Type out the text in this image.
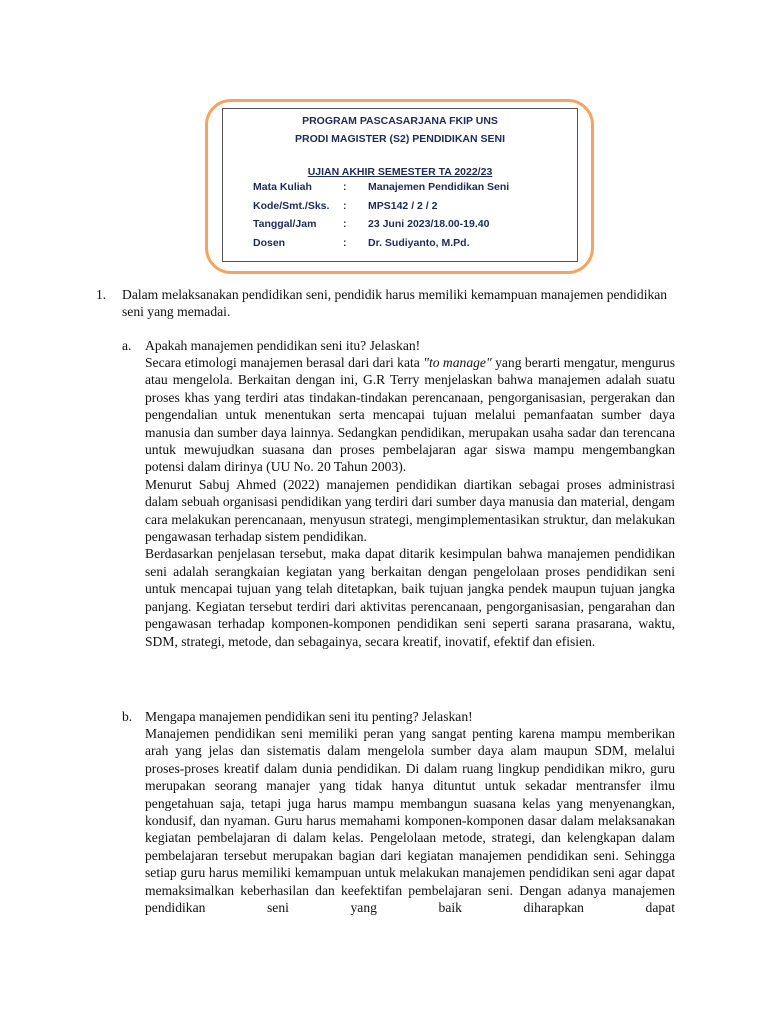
PROGRAM PASCASARJANA FKIP UNS
PRODI MAGISTER (S2) PENDIDIKAN SENI
UJIAN AKHIR SEMESTER TA 2022/23
Mata Kuliah	: Manajemen Pendidikan Seni
Kode/Smt./Sks. : MPS142 / 2 / 2
Tanggal/Jam	: 23 Juni 2023/18.00-19.40
Dosen	: Dr. Sudiyanto, M.Pd.
1. Dalam melaksanakan pendidikan seni, pendidik harus memiliki kemampuan manajemen pendidikan seni yang memadai.
a. Apakah manajemen pendidikan seni itu? Jelaskan!

Secara etimologi manajemen berasal dari dari kata "to manage" yang berarti mengatur, mengurus atau mengelola. Berkaitan dengan ini, G.R Terry menjelaskan bahwa manajemen adalah suatu proses khas yang terdiri atas tindakan-tindakan perencanaan, pengorganisasian, pergerakan dan pengendalian untuk menentukan serta mencapai tujuan melalui pemanfaatan sumber daya manusia dan sumber daya lainnya. Sedangkan pendidikan, merupakan usaha sadar dan terencana untuk mewujudkan suasana dan proses pembelajaran agar siswa mampu mengembangkan potensi dalam dirinya (UU No. 20 Tahun 2003).

Menurut Sabuj Ahmed (2022) manajemen pendidikan diartikan sebagai proses administrasi dalam sebuah organisasi pendidikan yang terdiri dari sumber daya manusia dan material, dengam cara melakukan perencanaan, menyusun strategi, mengimplementasikan struktur, dan melakukan pengawasan terhadap sistem pendidikan.

Berdasarkan penjelasan tersebut, maka dapat ditarik kesimpulan bahwa manajemen pendidikan seni adalah serangkaian kegiatan yang berkaitan dengan pengelolaan proses pendidikan seni untuk mencapai tujuan yang telah ditetapkan, baik tujuan jangka pendek maupun tujuan jangka panjang. Kegiatan tersebut terdiri dari aktivitas perencanaan, pengorganisasian, pengarahan dan pengawasan terhadap komponen-komponen pendidikan seni seperti sarana prasarana, waktu, SDM, strategi, metode, dan sebagainya, secara kreatif, inovatif, efektif dan efisien.

b. Mengapa manajemen pendidikan seni itu penting? Jelaskan!

Manajemen pendidikan seni memiliki peran yang sangat penting karena mampu memberikan arah yang jelas dan sistematis dalam mengelola sumber daya alam maupun SDM, melalui proses-proses kreatif dalam dunia pendidikan. Di dalam ruang lingkup pendidikan mikro, guru merupakan seorang manajer yang tidak hanya dituntut untuk sekadar mentransfer ilmu pengetahuan saja, tetapi juga harus mampu membangun suasana kelas yang menyenangkan, kondusif, dan nyaman. Guru harus memahami komponen-komponen dasar dalam melaksanakan kegiatan pembelajaran di dalam kelas. Pengelolaan metode, strategi, dan kelengkapan dalam pembelajaran tersebut merupakan bagian dari kegiatan manajemen pendidikan seni. Sehingga setiap guru harus memiliki kemampuan untuk melakukan manajemen pendidikan seni agar dapat memaksimalkan keberhasilan dan keefektifan pembelajaran seni. Dengan adanya manajemen pendidikan seni yang baik diharapkan dapat
